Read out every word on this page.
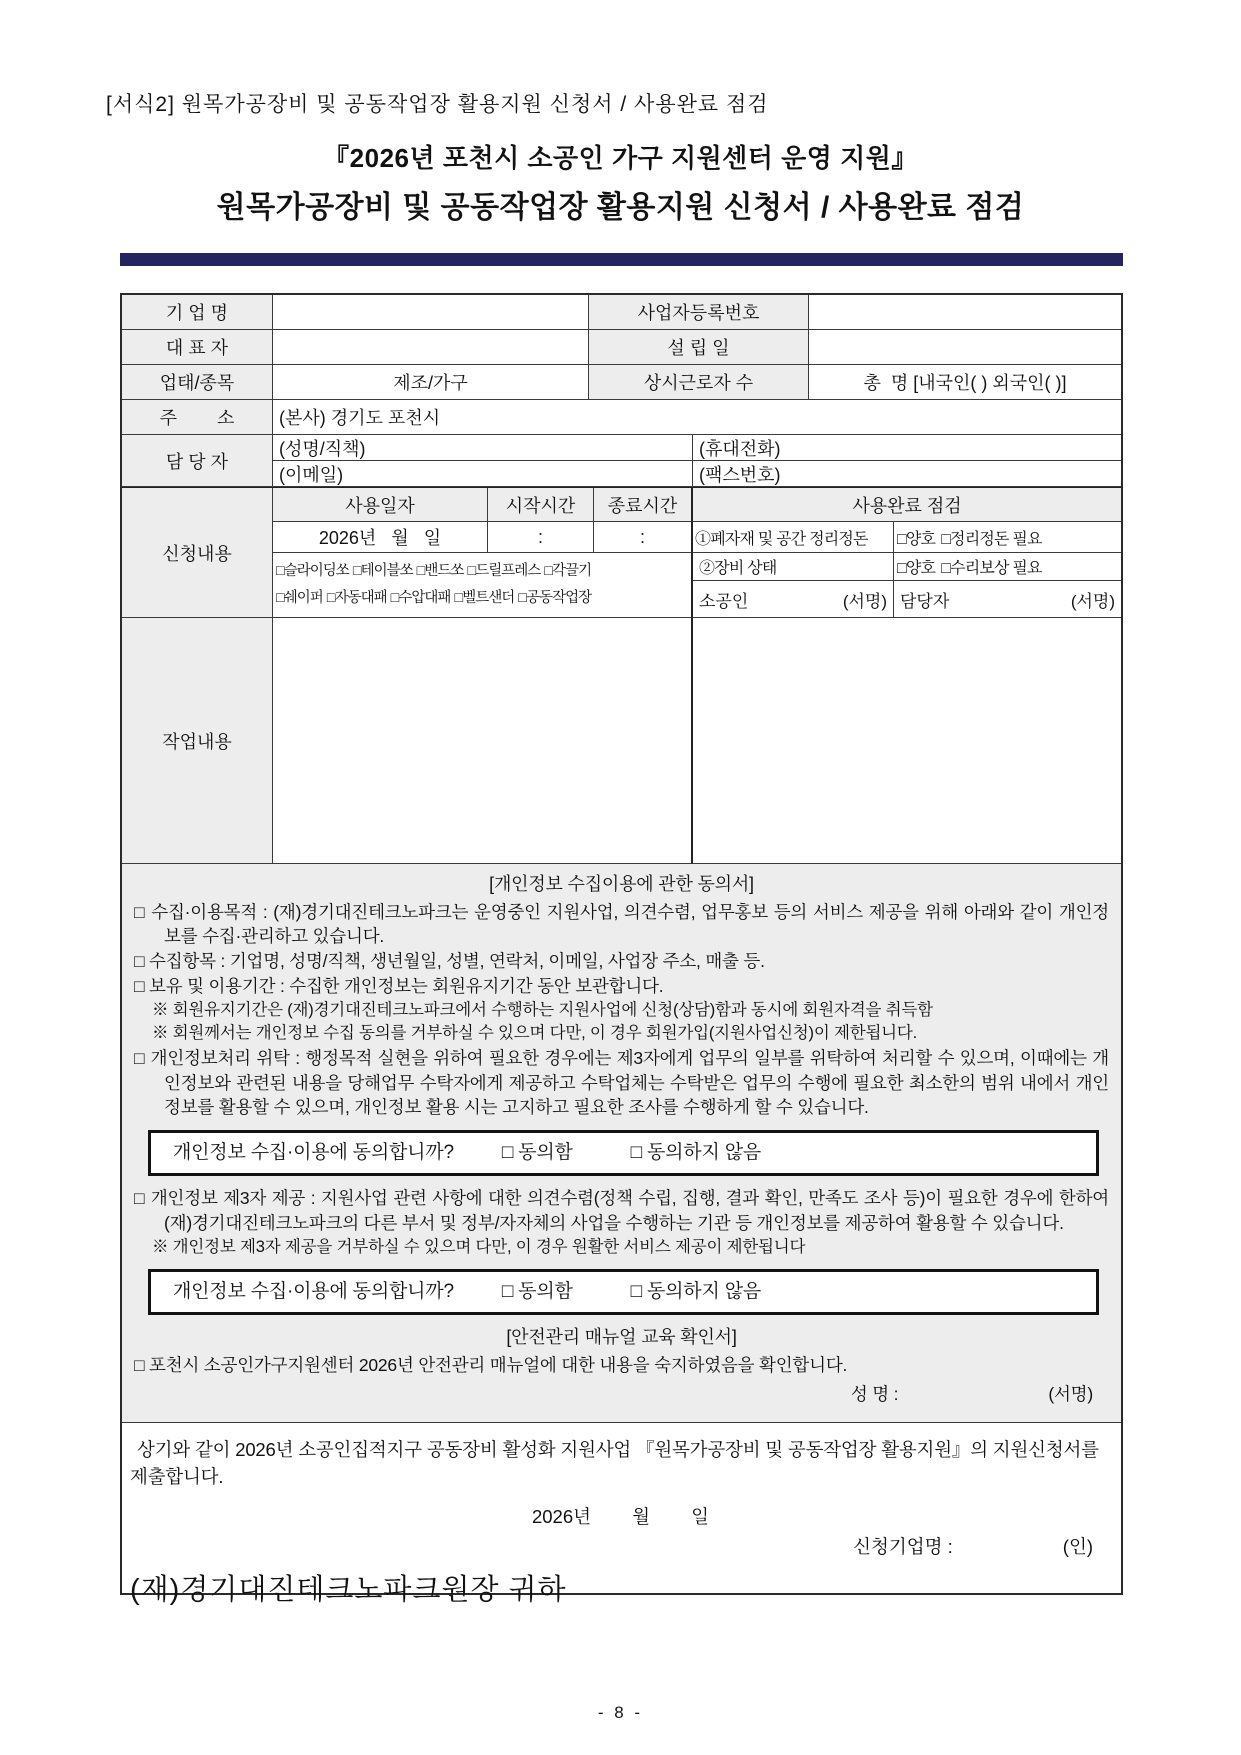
[서식2] 원목가공장비 및 공동작업장 활용지원 신청서 / 사용완료 점검
『2026년 포천시 소공인 가구 지원센터 운영 지원』
원목가공장비 및 공동작업장 활용지원 신청서 / 사용완료 점검
기 업 명	사업자등록번호
대 표 자	설 립 일
업태/종목	제조/가구	상시근로자 수	총  명 [내국인( ) 외국인( )]
주        소	(본사) 경기도 포천시
담 당 자
(성명/직책)	(휴대전화)
(이메일)	(팩스번호)
신청내용
사용일자	시작시간	종료시간	사용완료 점검
2026년   월   일	:	:	①폐자재 및 공간 정리정돈	□양호 □정리정돈 필요
□슬라이딩쏘 □테이블쏘 □밴드쏘 □드릴프레스 □각끌기
□쉐이퍼 □자동대패 □수압대패 □벨트샌더 □공동작업장
②장비 상태	□양호 □수리보상 필요
소공인	(서명) 담당자	(서명)
작업내용
[개인정보 수집이용에 관한 동의서]
□ 수집·이용목적 : (재)경기대진테크노파크는 운영중인 지원사업, 의견수렴, 업무홍보 등의 서비스 제공을 위해 아래와 같이 개인정보를 수집·관리하고 있습니다.
□ 수집항목 : 기업명, 성명/직책, 생년월일, 성별, 연락처, 이메일, 사업장 주소, 매출 등.
□ 보유 및 이용기간 : 수집한 개인정보는 회원유지기간 동안 보관합니다.
※ 회원유지기간은 (재)경기대진테크노파크에서 수행하는 지원사업에 신청(상담)함과 동시에 회원자격을 취득함
※ 회원께서는 개인정보 수집 동의를 거부하실 수 있으며 다만, 이 경우 회원가입(지원사업신청)이 제한됩니다.
□ 개인정보처리 위탁 : 행정목적 실현을 위하여 필요한 경우에는 제3자에게 업무의 일부를 위탁하여 처리할 수 있으며, 이때에는 개인정보와 관련된 내용을 당해업무 수탁자에게 제공하고 수탁업체는 수탁받은 업무의 수행에 필요한 최소한의 범위 내에서 개인정보를 활용할 수 있으며, 개인정보 활용 시는 고지하고 필요한 조사를 수행하게 할 수 있습니다.
개인정보 수집·이용에 동의합니까?	□ 동의함	□ 동의하지 않음
□ 개인정보 제3자 제공 : 지원사업 관련 사항에 대한 의견수렴(정책 수립, 집행, 결과 확인, 만족도 조사 등)이 필요한 경우에 한하여 (재)경기대진테크노파크의 다른 부서 및 정부/자자체의 사업을 수행하는 기관 등 개인정보를 제공하여 활용할 수 있습니다.
※ 개인정보 제3자 제공을 거부하실 수 있으며 다만, 이 경우 원활한 서비스 제공이 제한됩니다
개인정보 수집·이용에 동의합니까?	□ 동의함	□ 동의하지 않음
[안전관리 매뉴얼 교육 확인서]
□ 포천시 소공인가구지원센터 2026년 안전관리 매뉴얼에 대한 내용을 숙지하였음을 확인합니다.
성 명 :	(서명)
상기와 같이 2026년 소공인집적지구 공동장비 활성화 지원사업 『원목가공장비 및 공동작업장 활용지원』의 지원신청서를 제출합니다.
2026년        월        일
신청기업명 :	(인)
(재)경기대진테크노파크원장 귀하
- 8 -
